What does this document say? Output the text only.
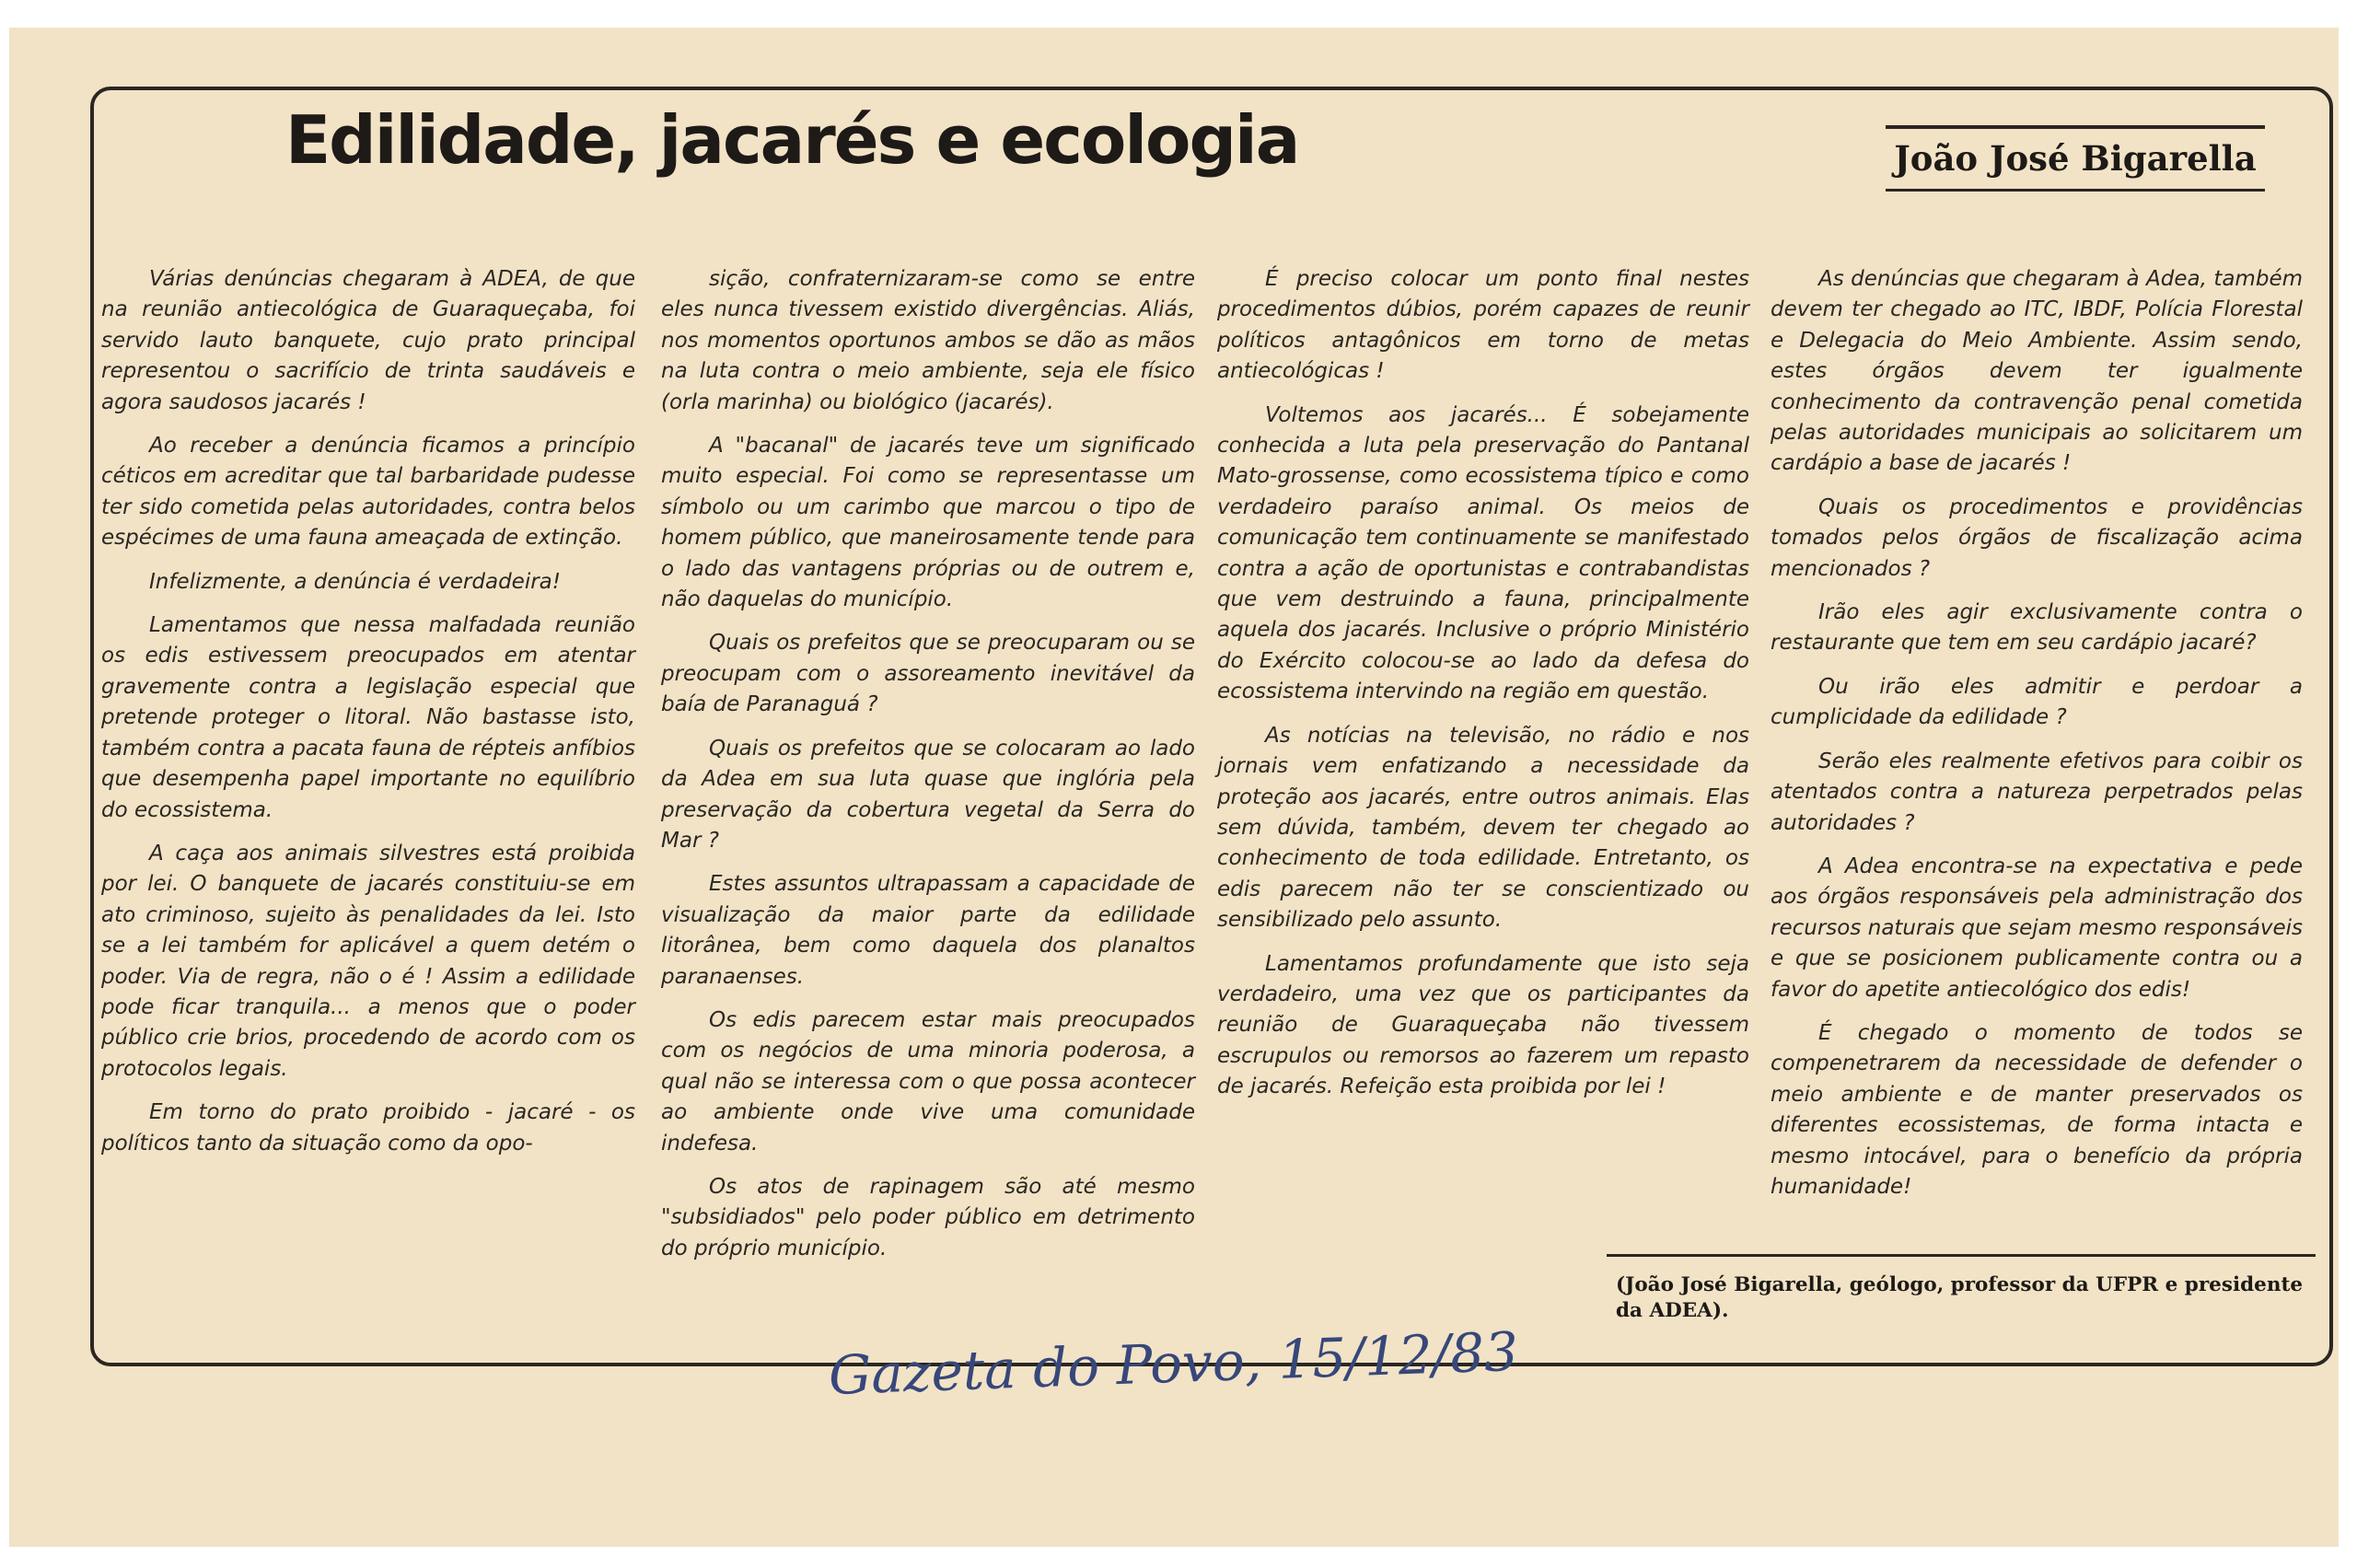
Edilidade, jacarés e ecologia	João José Bigarella

Várias denúncias chegaram à ADEA, de que na reunião antiecológica de Guaraqueçaba, foi servido lauto banquete, cujo prato principal representou o sacrifício de trinta saudáveis e agora saudosos jacarés !

Ao receber a denúncia ficamos a princípio céticos em acreditar que tal barbaridade pudesse ter sido cometida pelas autoridades, contra belos espécimes de uma fauna ameaçada de extinção.

Infelizmente, a denúncia é verdadeira!

Lamentamos que nessa malfadada reunião os edis estivessem preocupados em atentar gravemente contra a legislação especial que pretende proteger o litoral. Não bastasse isto, também contra a pacata fauna de répteis anfíbios que desempenha papel importante no equilíbrio do ecossistema.

A caça aos animais silvestres está proibida por lei. O banquete de jacarés constituiu-se em ato criminoso, sujeito às penalidades da lei. Isto se a lei também for aplicável a quem detém o poder. Via de regra, não o é ! Assim a edilidade pode ficar tranquila... a menos que o poder público crie brios, procedendo de acordo com os protocolos legais.

Em torno do prato proibido - jacaré - os políticos tanto da situação como da opo-

sição, confraternizaram-se como se entre eles nunca tivessem existido divergências. Aliás, nos momentos oportunos ambos se dão as mãos na luta contra o meio ambiente, seja ele físico (orla marinha) ou biológico (jacarés).

A "bacanal" de jacarés teve um significado muito especial. Foi como se representasse um símbolo ou um carimbo que marcou o tipo de homem público, que maneirosamente tende para o lado das vantagens próprias ou de outrem e, não daquelas do município.

Quais os prefeitos que se preocuparam ou se preocupam com o assoreamento inevitável da baía de Paranaguá ?

Quais os prefeitos que se colocaram ao lado da Adea em sua luta quase que inglória pela preservação da cobertura vegetal da Serra do Mar ?

Estes assuntos ultrapassam a capacidade de visualização da maior parte da edilidade litorânea, bem como daquela dos planaltos paranaenses.

Os edis parecem estar mais preocupados com os negócios de uma minoria poderosa, a qual não se interessa com o que possa acontecer ao ambiente onde vive uma comunidade indefesa.

Os atos de rapinagem são até mesmo "subsidiados" pelo poder público em detrimento do próprio município.

É preciso colocar um ponto final nestes procedimentos dúbios, porém capazes de reunir políticos antagônicos em torno de metas antiecológicas !

Voltemos aos jacarés... É sobejamente conhecida a luta pela preservação do Pantanal Mato-grossense, como ecossistema típico e como verdadeiro paraíso animal. Os meios de comunicação tem continuamente se manifestado contra a ação de oportunistas e contrabandistas que vem destruindo a fauna, principalmente aquela dos jacarés. Inclusive o próprio Ministério do Exército colocou-se ao lado da defesa do ecossistema intervindo na região em questão.

As notícias na televisão, no rádio e nos jornais vem enfatizando a necessidade da proteção aos jacarés, entre outros animais. Elas sem dúvida, também, devem ter chegado ao conhecimento de toda edilidade. Entretanto, os edis parecem não ter se conscientizado ou sensibilizado pelo assunto.

Lamentamos profundamente que isto seja verdadeiro, uma vez que os participantes da reunião de Guaraqueçaba não tivessem escrupulos ou remorsos ao fazerem um repasto de jacarés. Refeição esta proibida por lei !

As denúncias que chegaram à Adea, também devem ter chegado ao ITC, IBDF, Polícia Florestal e Delegacia do Meio Ambiente. Assim sendo, estes órgãos devem ter igualmente conhecimento da contravenção penal cometida pelas autoridades municipais ao solicitarem um cardápio a base de jacarés !

Quais os procedimentos e providências tomados pelos órgãos de fiscalização acima mencionados ?

Irão eles agir exclusivamente contra o restaurante que tem em seu cardápio jacaré?

Ou irão eles admitir e perdoar a cumplicidade da edilidade ?

Serão eles realmente efetivos para coibir os atentados contra a natureza perpetrados pelas autoridades ?

A Adea encontra-se na expectativa e pede aos órgãos responsáveis pela administração dos recursos naturais que sejam mesmo responsáveis e que se posicionem publicamente contra ou a favor do apetite antiecológico dos edis!

É chegado o momento de todos se compenetrarem da necessidade de defender o meio ambiente e de manter preservados os diferentes ecossistemas, de forma intacta e mesmo intocável, para o benefício da própria humanidade!

(João José Bigarella, geólogo, professor da UFPR e presidente da ADEA).
Gazeta do Povo, 15/12/83
